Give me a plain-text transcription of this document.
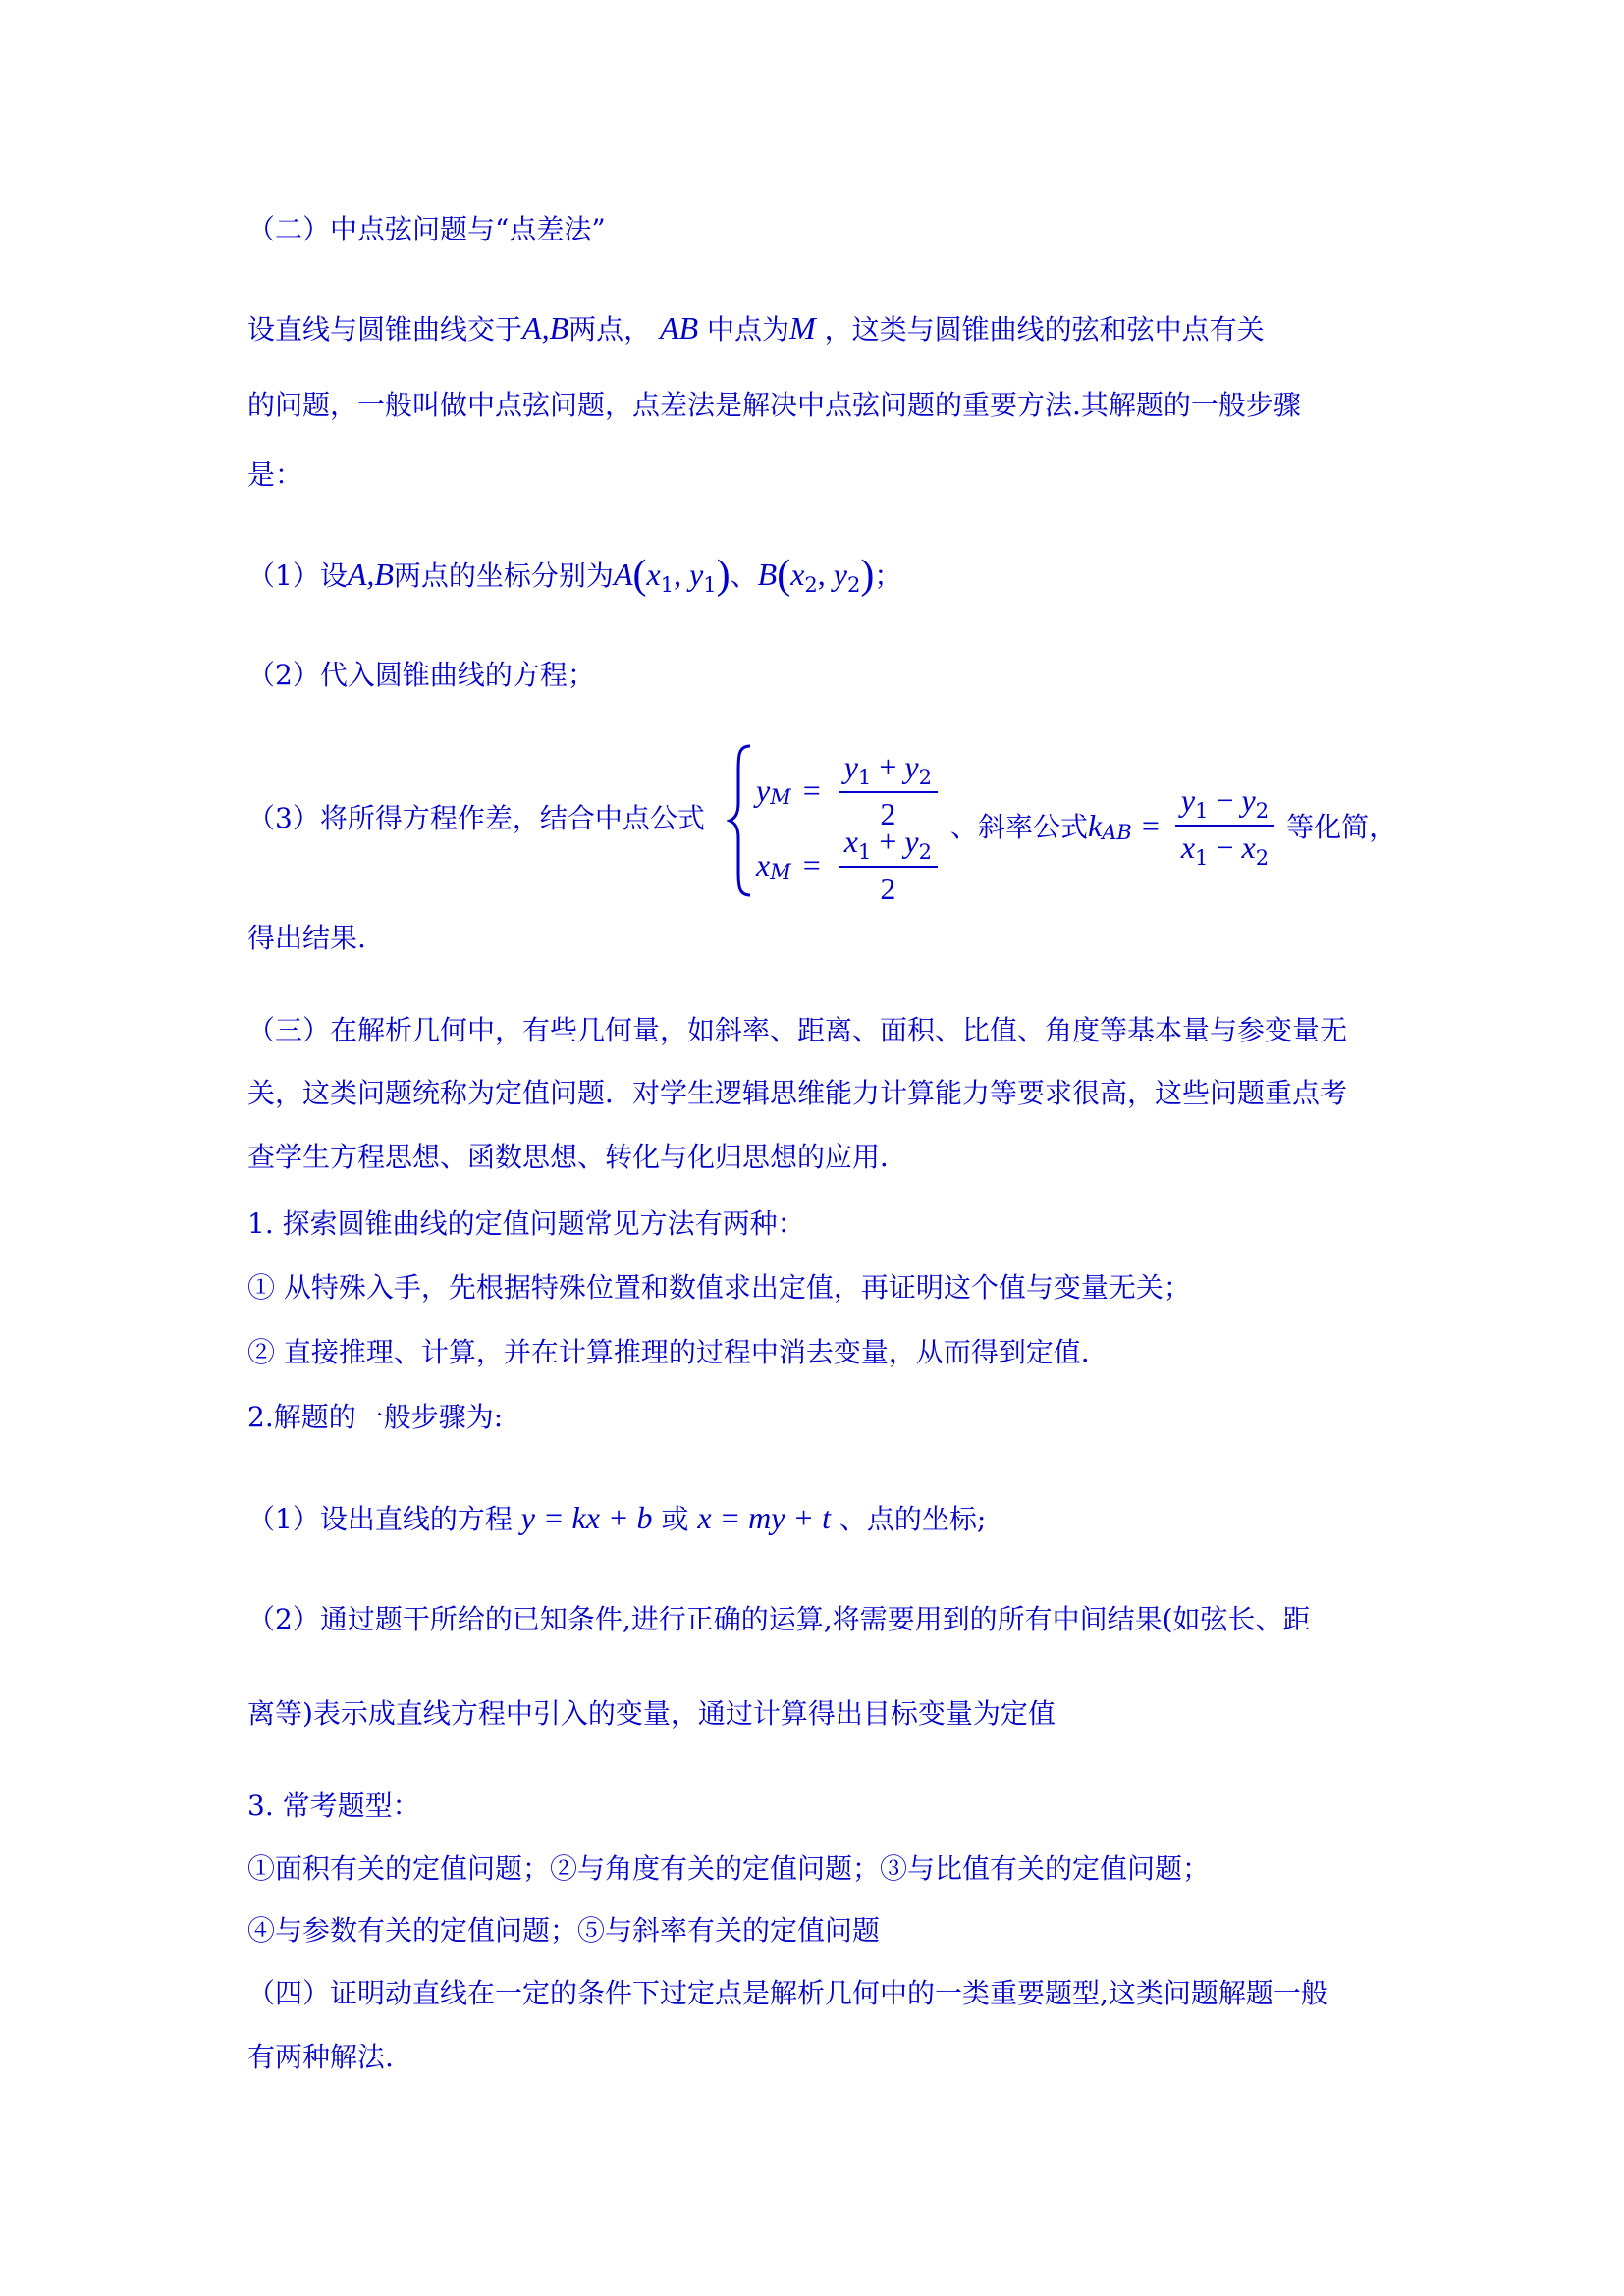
（二）中点弦问题与“点差法”
设直线与圆锥曲线交于A,B两点， AB 中点为M ，这类与圆锥曲线的弦和弦中点有关
的问题，一般叫做中点弦问题，点差法是解决中点弦问题的重要方法.其解题的一般步骤
是：
（1）设A,B两点的坐标分别为$A(x_1$, $y_1$)、$B(x_2$, $y_2$)；
（2）代入圆锥曲线的方程；
（3）将所得方程作差，结合中点公式
y $M = \frac{y_1 + y_2}{2}$
x $M = \frac{x_1 + y_2}{2}$ 、斜率公式 k AB = $\frac{y_1 - y_2}{x_1 - x_2}$ 等化简，
得出结果.
（三）在解析几何中，有些几何量，如斜率、距离、面积、比值、角度等基本量与参变量无
关，这类问题统称为定值问题．对学生逻辑思维能力计算能力等要求很高，这些问题重点考
查学生方程思想、函数思想、转化与化归思想的应用．
1. 探索圆锥曲线的定值问题常见方法有两种：
① 从特殊入手，先根据特殊位置和数值求出定值，再证明这个值与变量无关；
② 直接推理、计算，并在计算推理的过程中消去变量，从而得到定值．
2.解题的一般步骤为:
（1）设出直线的方程 y = kx + b 或 x = my + t 、点的坐标;
（2）通过题干所给的已知条件,进行正确的运算,将需要用到的所有中间结果(如弦长、距
离等)表示成直线方程中引入的变量，通过计算得出目标变量为定值
3. 常考题型：
①面积有关的定值问题；②与角度有关的定值问题；③与比值有关的定值问题；
④与参数有关的定值问题；⑤与斜率有关的定值问题
（四）证明动直线在一定的条件下过定点是解析几何中的一类重要题型,这类问题解题一般
有两种解法.
